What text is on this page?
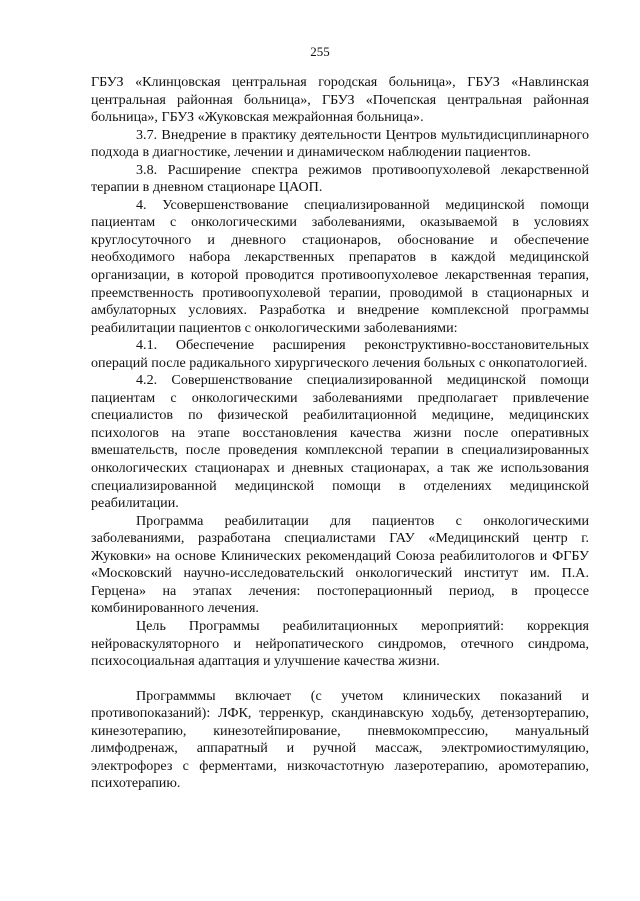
255

ГБУЗ «Клинцовская центральная городская больница», ГБУЗ «Навлинская центральная районная больница», ГБУЗ «Почепская центральная районная больница», ГБУЗ «Жуковская межрайонная больница».

3.7. Внедрение в практику деятельности Центров мультидисциплинарного подхода в диагностике, лечении и динамическом наблюдении пациентов.

3.8. Расширение спектра режимов противоопухолевой лекарственной терапии в дневном стационаре ЦАОП.

4. Усовершенствование специализированной медицинской помощи пациентам с онкологическими заболеваниями, оказываемой в условиях круглосуточного и дневного стационаров, обоснование и обеспечение необходимого набора лекарственных препаратов в каждой медицинской организации, в которой проводится противоопухолевое лекарственная терапия, преемственность противоопухолевой терапии, проводимой в стационарных и амбулаторных условиях. Разработка и внедрение комплексной программы реабилитации пациентов с онкологическими заболеваниями:

4.1. Обеспечение расширения реконструктивно-восстановительных операций после радикального хирургического лечения больных с онкопатологией.

4.2. Совершенствование специализированной медицинской помощи пациентам с онкологическими заболеваниями предполагает привлечение специалистов по физической реабилитационной медицине, медицинских психологов на этапе восстановления качества жизни после оперативных вмешательств, после проведения комплексной терапии в специализированных онкологических стационарах и дневных стационарах, а так же использования специализированной медицинской помощи в отделениях медицинской реабилитации.

Программа реабилитации для пациентов с онкологическими заболеваниями, разработана специалистами ГАУ «Медицинский центр г. Жуковки» на основе Клинических рекомендаций Союза реабилитологов и ФГБУ «Московский научно-исследовательский онкологический институт им. П.А. Герцена» на этапах лечения: постоперационный период, в процессе комбинированного лечения.

Цель Программы реабилитационных мероприятий: коррекция нейроваскуляторного и нейропатического синдромов, отечного синдрома, психосоциальная адаптация и улучшение качества жизни.

Программмы включает (с учетом клинических показаний и противопоказаний): ЛФК, терренкур, скандинавскую ходьбу, детензортерапию, кинезотерапию, кинезотейпирование, пневмокомпрессию, мануальный лимфодренаж, аппаратный и ручной массаж, электромиостимуляцию, электрофорез с ферментами, низкочастотную лазеротерапию, аромотерапию, психотерапию.
